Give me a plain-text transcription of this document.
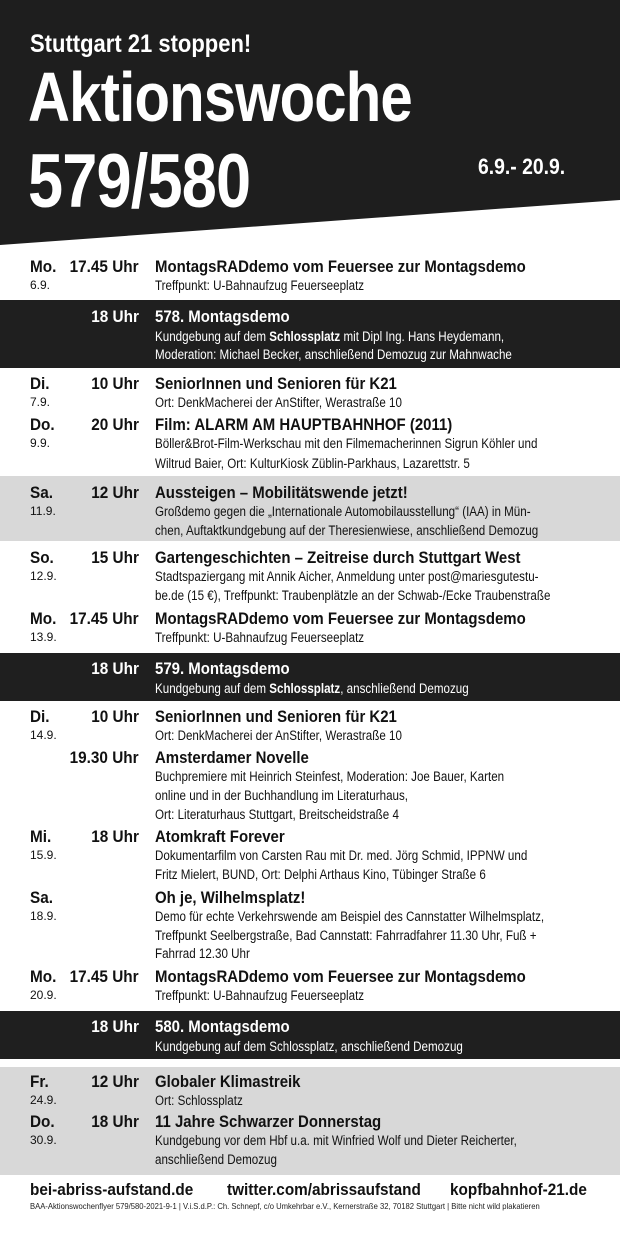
Stuttgart 21 stoppen!
Aktionswoche
579/580	6.9.- 20.9.
Mo.
6.9.
17.45 Uhr MontagsRADdemo vom Feuersee zur Montagsdemo
Treffpunkt: U-Bahnaufzug Feuerseeplatz
18 Uhr 578. Montagsdemo
Kundgebung auf dem Schlossplatz mit Dipl Ing. Hans Heydemann,
Moderation: Michael Becker, anschließend Demozug zur Mahnwache
Di.
7.9.
10 Uhr SeniorInnen und Senioren für K21
Ort: DenkMacherei der AnStifter, Werastraße 10
Do.
9.9.
20 Uhr Film: ALARM AM HAUPTBAHNHOF (2011)
Böller&Brot-Film-Werkschau mit den Filmemacherinnen Sigrun Köhler und
Wiltrud Baier, Ort: KulturKiosk Züblin-Parkhaus, Lazarettstr. 5
Sa.
11.9.
12 Uhr Aussteigen – Mobilitätswende jetzt!
Großdemo gegen die „Internationale Automobilausstellung“ (IAA) in Mün-
chen, Auftaktkundgebung auf der Theresienwiese, anschließend Demozug
So.
12.9.
15 Uhr Gartengeschichten – Zeitreise durch Stuttgart West
Stadtspaziergang mit Annik Aicher, Anmeldung unter post@mariesgutestu-
be.de (15 €), Treffpunkt: Traubenplätzle an der Schwab-/Ecke Traubenstraße
Mo.
13.9.
17.45 Uhr MontagsRADdemo vom Feuersee zur Montagsdemo
Treffpunkt: U-Bahnaufzug Feuerseeplatz
18 Uhr 579. Montagsdemo
Kundgebung auf dem Schlossplatz, anschließend Demozug
Di.
14.9.
10 Uhr SeniorInnen und Senioren für K21
Ort: DenkMacherei der AnStifter, Werastraße 10
19.30 Uhr Amsterdamer Novelle
Buchpremiere mit Heinrich Steinfest, Moderation: Joe Bauer, Karten
online und in der Buchhandlung im Literaturhaus,
Ort: Literaturhaus Stuttgart, Breitscheidstraße 4
Mi.
15.9.
18 Uhr Atomkraft Forever
Dokumentarfilm von Carsten Rau mit Dr. med. Jörg Schmid, IPPNW und
Fritz Mielert, BUND, Ort: Delphi Arthaus Kino, Tübinger Straße 6
Sa.
18.9.
Oh je, Wilhelmsplatz!
Demo für echte Verkehrswende am Beispiel des Cannstatter Wilhelmsplatz,
Treffpunkt Seelbergstraße, Bad Cannstatt: Fahrradfahrer 11.30 Uhr, Fuß +
Fahrrad 12.30 Uhr
Mo.
20.9.
17.45 Uhr MontagsRADdemo vom Feuersee zur Montagsdemo
Treffpunkt: U-Bahnaufzug Feuerseeplatz
18 Uhr 580. Montagsdemo
Kundgebung auf dem Schlossplatz, anschließend Demozug
Fr.
24.9.
12 Uhr Globaler Klimastreik
Ort: Schlossplatz
Do.
30.9.
18 Uhr 11 Jahre Schwarzer Donnerstag
Kundgebung vor dem Hbf u.a. mit Winfried Wolf und Dieter Reicherter,
anschließend Demozug
bei-abriss-aufstand.de twitter.com/abrissaufstand kopfbahnhof-21.de
BAA-Aktionswochenflyer 579/580-2021-9-1 | V.i.S.d.P.: Ch. Schnepf, c/o Umkehrbar e.V., Kernerstraße 32, 70182 Stuttgart | Bitte nicht wild plakatieren
